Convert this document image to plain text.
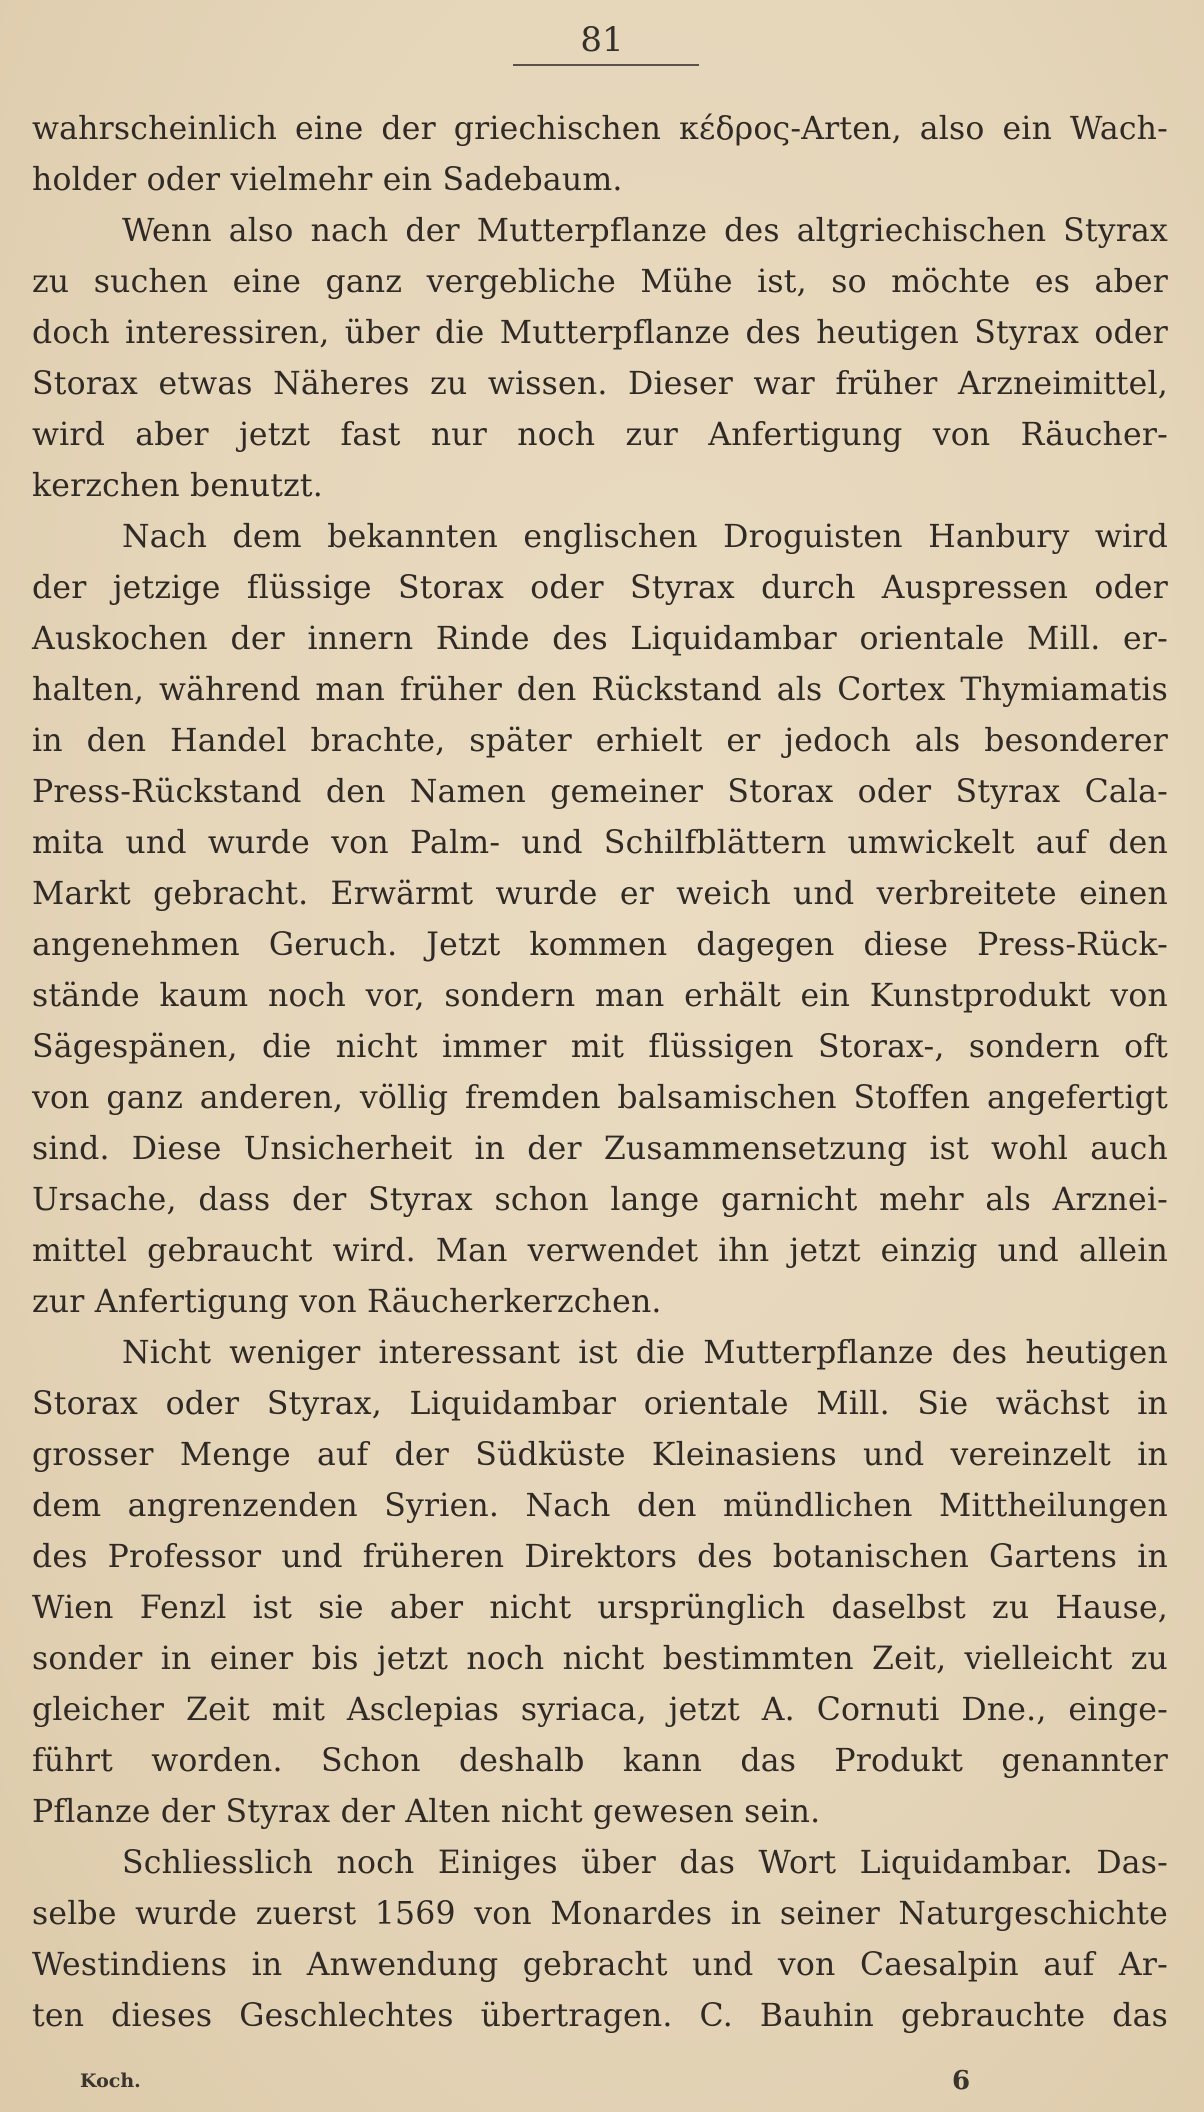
81
wahrscheinlich eine der griechischen κέδρος-Arten, also ein Wach-
holder oder vielmehr ein Sadebaum.
Wenn also nach der Mutterpflanze des altgriechischen Styrax
zu suchen eine ganz vergebliche Mühe ist, so möchte es aber
doch interessiren, über die Mutterpflanze des heutigen Styrax oder
Storax etwas Näheres zu wissen. Dieser war früher Arzneimittel,
wird aber jetzt fast nur noch zur Anfertigung von Räucher-
kerzchen benutzt.
Nach dem bekannten englischen Droguisten Hanbury wird
der jetzige flüssige Storax oder Styrax durch Auspressen oder
Auskochen der innern Rinde des Liquidambar orientale Mill. er-
halten, während man früher den Rückstand als Cortex Thymiamatis
in den Handel brachte, später erhielt er jedoch als besonderer
Press-Rückstand den Namen gemeiner Storax oder Styrax Cala-
mita und wurde von Palm- und Schilfblättern umwickelt auf den
Markt gebracht. Erwärmt wurde er weich und verbreitete einen
angenehmen Geruch. Jetzt kommen dagegen diese Press-Rück-
stände kaum noch vor, sondern man erhält ein Kunstprodukt von
Sägespänen, die nicht immer mit flüssigen Storax-, sondern oft
von ganz anderen, völlig fremden balsamischen Stoffen angefertigt
sind. Diese Unsicherheit in der Zusammensetzung ist wohl auch
Ursache, dass der Styrax schon lange garnicht mehr als Arznei-
mittel gebraucht wird. Man verwendet ihn jetzt einzig und allein
zur Anfertigung von Räucherkerzchen.
Nicht weniger interessant ist die Mutterpflanze des heutigen
Storax oder Styrax, Liquidambar orientale Mill. Sie wächst in
grosser Menge auf der Südküste Kleinasiens und vereinzelt in
dem angrenzenden Syrien. Nach den mündlichen Mittheilungen
des Professor und früheren Direktors des botanischen Gartens in
Wien Fenzl ist sie aber nicht ursprünglich daselbst zu Hause,
sonder in einer bis jetzt noch nicht bestimmten Zeit, vielleicht zu
gleicher Zeit mit Asclepias syriaca, jetzt A. Cornuti Dne., einge-
führt worden. Schon deshalb kann das Produkt genannter
Pflanze der Styrax der Alten nicht gewesen sein.
Schliesslich noch Einiges über das Wort Liquidambar. Das-
selbe wurde zuerst 1569 von Monardes in seiner Naturgeschichte
Westindiens in Anwendung gebracht und von Caesalpin auf Ar-
ten dieses Geschlechtes übertragen. C. Bauhin gebrauchte das
Koch.	6
